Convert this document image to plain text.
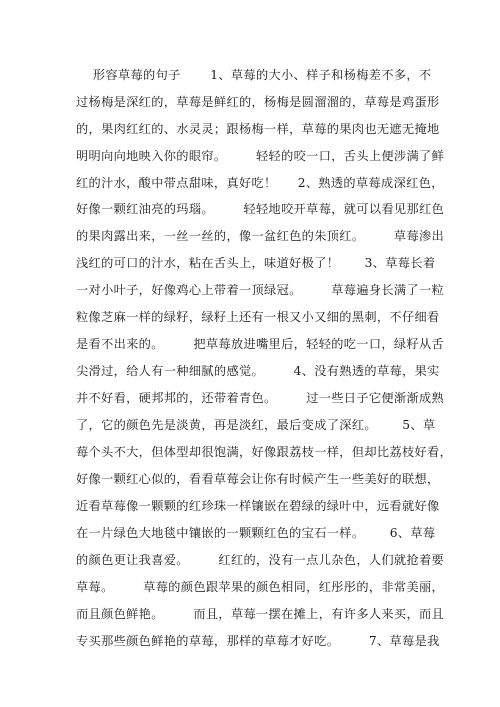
形容草莓的句子       1、草莓的大小、样子和杨梅差不多，不
过杨梅是深红的，草莓是鲜红的，杨梅是圆溜溜的，草莓是鸡蛋形
的，果肉红红的、水灵灵；跟杨梅一样，草莓的果肉也无遮无掩地
明明向向地映入你的眼帘。       轻轻的咬一口，舌头上便涉满了鲜
红的汁水，酸中带点甜味，真好吃！     2、熟透的草莓成深红色，
好像一颗红油亮的玛瑙。       轻轻地咬开草莓，就可以看见那红色
的果肉露出来，一丝一丝的，像一盆红色的朱顶红。       草莓渗出
浅红的可口的汁水，粘在舌头上，味道好极了！      3、草莓长着
一对小叶子，好像鸡心上带着一顶绿冠。       草莓遍身长满了一粒
粒像芝麻一样的绿籽，绿籽上还有一根又小又细的黑刺，不仔细看
是看不出来的。       把草莓放进嘴里后，轻轻的吃一口，绿籽从舌
尖滑过，给人有一种细腻的感觉。       4、没有熟透的草莓，果实
并不好看，硬邦邦的，还带着青色。       过一些日子它便渐渐成熟
了，它的颜色先是淡黄，再是淡红，最后变成了深红。      5、草
莓个头不大，但体型却很饱满，好像跟荔枝一样，但却比荔枝好看，
好像一颗红心似的，看看草莓会让你有时候产生一些美好的联想，
近看草莓像一颗颗的红珍珠一样镶嵌在碧绿的绿叶中，远看就好像
在一片绿色大地毯中镶嵌的一颗颗红色的宝石一样。      6、草莓
的颜色更让我喜爱。       红红的，没有一点儿杂色，人们就抢着要
草莓。       草莓的颜色跟苹果的颜色相同，红彤彤的，非常美丽，
而且颜色鲜艳。       而且，草莓一摆在摊上，有许多人来买，而且
专买那些颜色鲜艳的草莓，那样的草莓才好吃。       7、草莓是我
